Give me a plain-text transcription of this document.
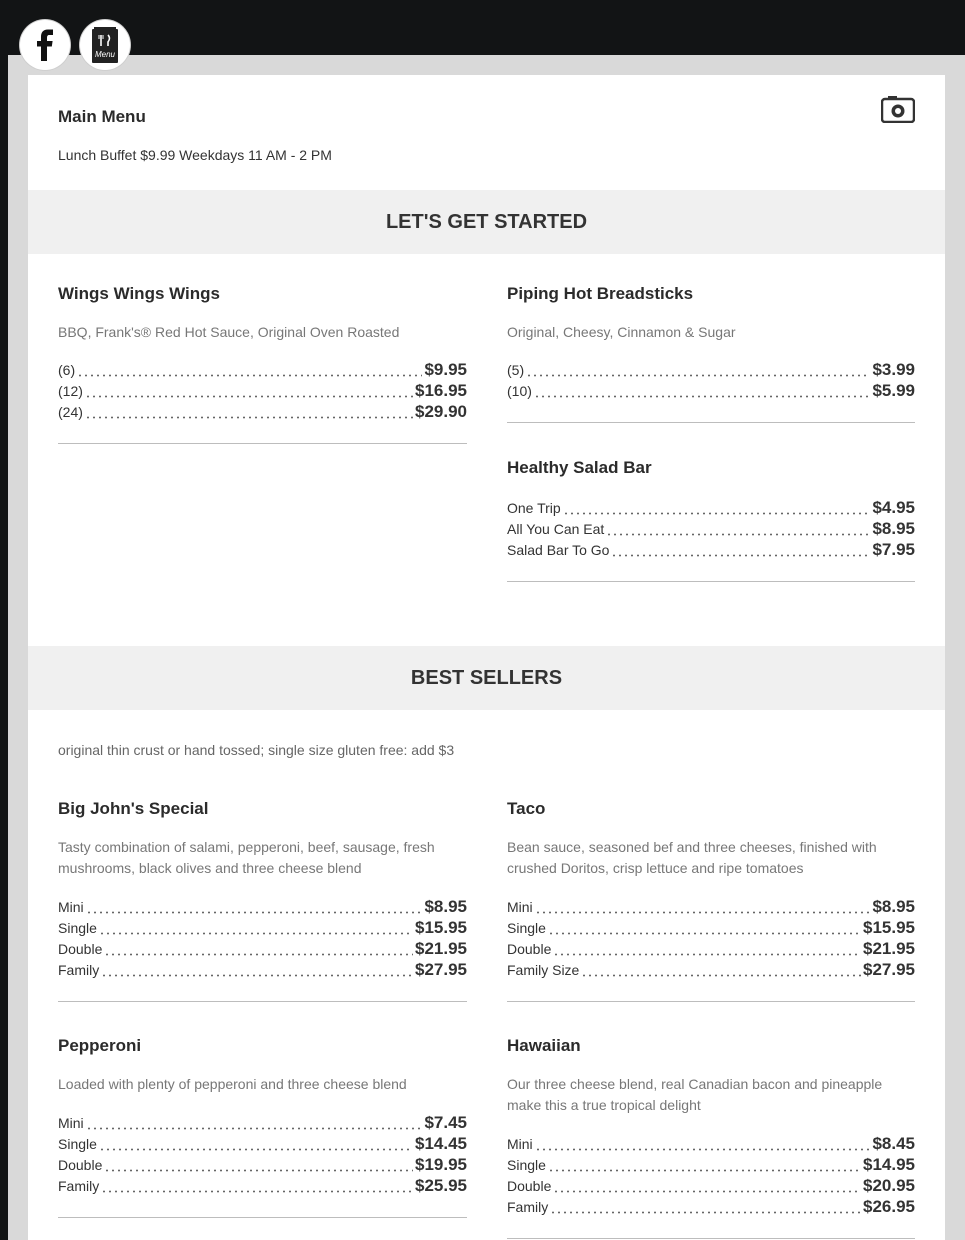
Menu
Main Menu
Lunch Buffet $9.99 Weekdays 11 AM - 2 PM
LET'S GET STARTED
Wings Wings Wings
BBQ, Frank's® Red Hot Sauce, Original Oven Roasted
(6)	$9.95
(12)	$16.95
(24)	$29.90
Piping Hot Breadsticks
Original, Cheesy, Cinnamon & Sugar
(5)	$3.99
(10)	$5.99
Healthy Salad Bar
One Trip	$4.95
All You Can Eat	$8.95
Salad Bar To Go	$7.95
BEST SELLERS
original thin crust or hand tossed; single size gluten free: add $3
Big John's Special
Tasty combination of salami, pepperoni, beef, sausage, fresh mushrooms, black olives and three cheese blend
Mini	$8.95
Single	$15.95
Double	$21.95
Family	$27.95
Taco
Bean sauce, seasoned bef and three cheeses, finished with crushed Doritos, crisp lettuce and ripe tomatoes
Mini	$8.95
Single	$15.95
Double	$21.95
Family Size	$27.95
Pepperoni
Loaded with plenty of pepperoni and three cheese blend
Mini	$7.45
Single	$14.45
Double	$19.95
Family	$25.95
Hawaiian
Our three cheese blend, real Canadian bacon and pineapple make this a true tropical delight
Mini	$8.45
Single	$14.95
Double	$20.95
Family	$26.95
